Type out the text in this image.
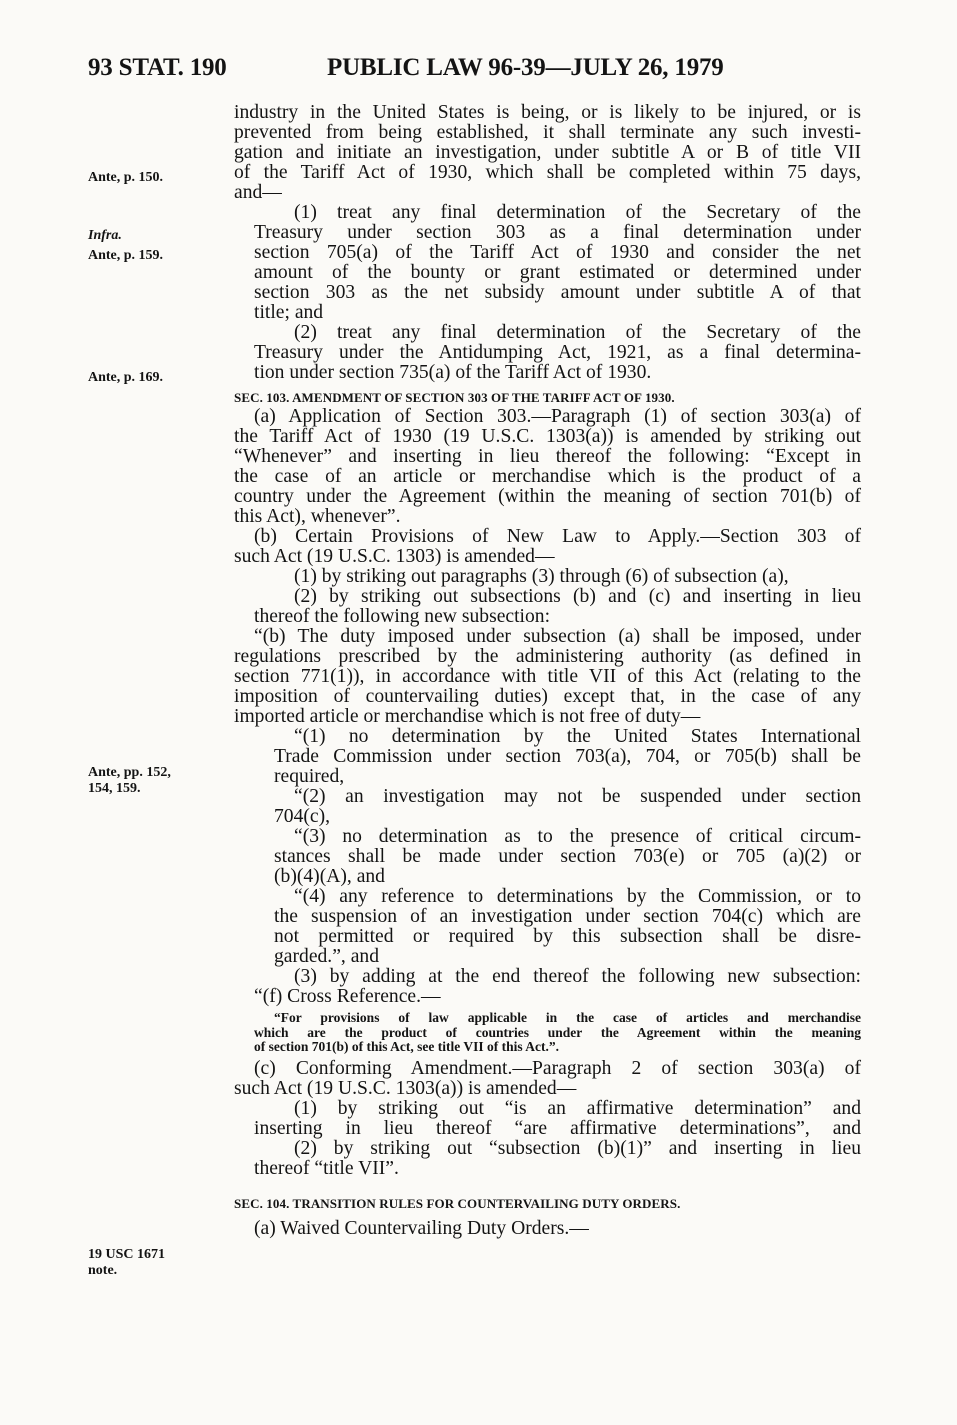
93 STAT. 190	PUBLIC LAW 96-39—JULY 26, 1979
Ante, p. 150.
Infra.
Ante, p. 159.
Ante, p. 169.
Ante, pp. 152,
154, 159.
19 USC 1671
note.
industry in the United States is being, or is likely to be injured, or is
prevented from being established, it shall terminate any such investi-
gation and initiate an investigation, under subtitle A or B of title VII
of the Tariff Act of 1930, which shall be completed within 75 days,
and—
(1) treat any final determination of the Secretary of the
Treasury under section 303 as a final determination under
section 705(a) of the Tariff Act of 1930 and consider the net
amount of the bounty or grant estimated or determined under
section 303 as the net subsidy amount under subtitle A of that
title; and
(2) treat any final determination of the Secretary of the
Treasury under the Antidumping Act, 1921, as a final determina-
tion under section 735(a) of the Tariff Act of 1930.
SEC. 103. AMENDMENT OF SECTION 303 OF THE TARIFF ACT OF 1930.
(a) Application of Section 303.—Paragraph (1) of section 303(a) of
the Tariff Act of 1930 (19 U.S.C. 1303(a)) is amended by striking out
“Whenever” and inserting in lieu thereof the following: “Except in
the case of an article or merchandise which is the product of a
country under the Agreement (within the meaning of section 701(b) of
this Act), whenever”.
(b) Certain Provisions of New Law to Apply.—Section 303 of
such Act (19 U.S.C. 1303) is amended—
(1) by striking out paragraphs (3) through (6) of subsection (a),
(2) by striking out subsections (b) and (c) and inserting in lieu
thereof the following new subsection:
“(b) The duty imposed under subsection (a) shall be imposed, under
regulations prescribed by the administering authority (as defined in
section 771(1)), in accordance with title VII of this Act (relating to the
imposition of countervailing duties) except that, in the case of any
imported article or merchandise which is not free of duty—
“(1) no determination by the United States International
Trade Commission under section 703(a), 704, or 705(b) shall be
required,
“(2) an investigation may not be suspended under section
704(c),
“(3) no determination as to the presence of critical circum-
stances shall be made under section 703(e) or 705 (a)(2) or
(b)(4)(A), and
“(4) any reference to determinations by the Commission, or to
the suspension of an investigation under section 704(c) which are
not permitted or required by this subsection shall be disre-
garded.”, and
(3) by adding at the end thereof the following new subsection:
“(f) Cross Reference.—
“For provisions of law applicable in the case of articles and merchandise
which are the product of countries under the Agreement within the meaning
of section 701(b) of this Act, see title VII of this Act.”.
(c) Conforming Amendment.—Paragraph 2 of section 303(a) of
such Act (19 U.S.C. 1303(a)) is amended—
(1) by striking out “is an affirmative determination” and
inserting in lieu thereof “are affirmative determinations”, and
(2) by striking out “subsection (b)(1)” and inserting in lieu
thereof “title VII”.
SEC. 104. TRANSITION RULES FOR COUNTERVAILING DUTY ORDERS.
(a) Waived Countervailing Duty Orders.—
